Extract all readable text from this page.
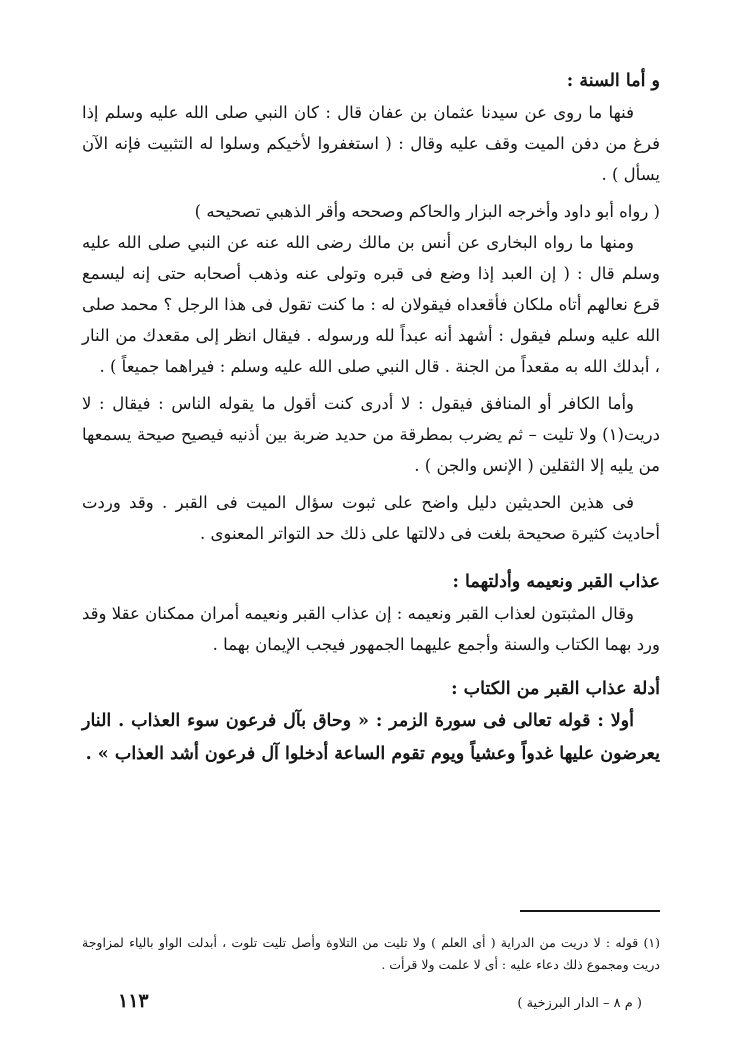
و أما السنة :

فنها ما روى عن سيدنا عثمان بن عفان قال : كان النبي صلى الله عليه وسلم إذا فرغ من دفن الميت وقف عليه وقال : ( استغفروا لأخيكم وسلوا له التثبيت فإنه الآن يسأل ) .

( رواه أبو داود وأخرجه البزار والحاكم وصححه وأقر الذهبي تصحيحه )

ومنها ما رواه البخارى عن أنس بن مالك رضى الله عنه عن النبي صلى الله عليه وسلم قال : ( إن العبد إذا وضع فى قبره وتولى عنه وذهب أصحابه حتى إنه ليسمع قرع نعالهم أتاه ملكان فأقعداه فيقولان له : ما كنت تقول فى هذا الرجل ؟ محمد صلى الله عليه وسلم فيقول : أشهد أنه عبداً لله ورسوله . فيقال انظر إلى مقعدك من النار ، أبدلك الله به مقعداً من الجنة . قال النبي صلى الله عليه وسلم : فيراهما جميعاً ) .

وأما الكافر أو المنافق فيقول : لا أدرى كنت أقول ما يقوله الناس : فيقال : لا دريت(١) ولا تليت – ثم يضرب بمطرقة من حديد ضربة بين أذنيه فيصيح صيحة يسمعها من يليه إلا الثقلين ( الإنس والجن ) .

فى هذين الحديثين دليل واضح على ثبوت سؤال الميت فى القبر . وقد وردت أحاديث كثيرة صحيحة بلغت فى دلالتها على ذلك حد التواتر المعنوى .

عذاب القبر ونعيمه وأدلتهما :

وقال المثبتون لعذاب القبر ونعيمه : إن عذاب القبر ونعيمه أمران ممكنان عقلا وقد ورد بهما الكتاب والسنة وأجمع عليهما الجمهور فيجب الإيمان بهما .

أدلة عذاب القبر من الكتاب :

أولا : قوله تعالى فى سورة الزمر : « وحاق بآل فرعون سوء العذاب . النار يعرضون عليها غدواً وعشياً ويوم تقوم الساعة أدخلوا آل فرعون أشد العذاب » .

(١) قوله : لا دريت من الدراية ( أى العلم ) ولا تليت من التلاوة وأصل تليت تلوت ، أبدلت الواو بالياء لمزاوجة دريت ومجموع ذلك دعاء عليه : أى لا علمت ولا قرأت .

١١٣	( م ٨ – الدار البرزخية )
